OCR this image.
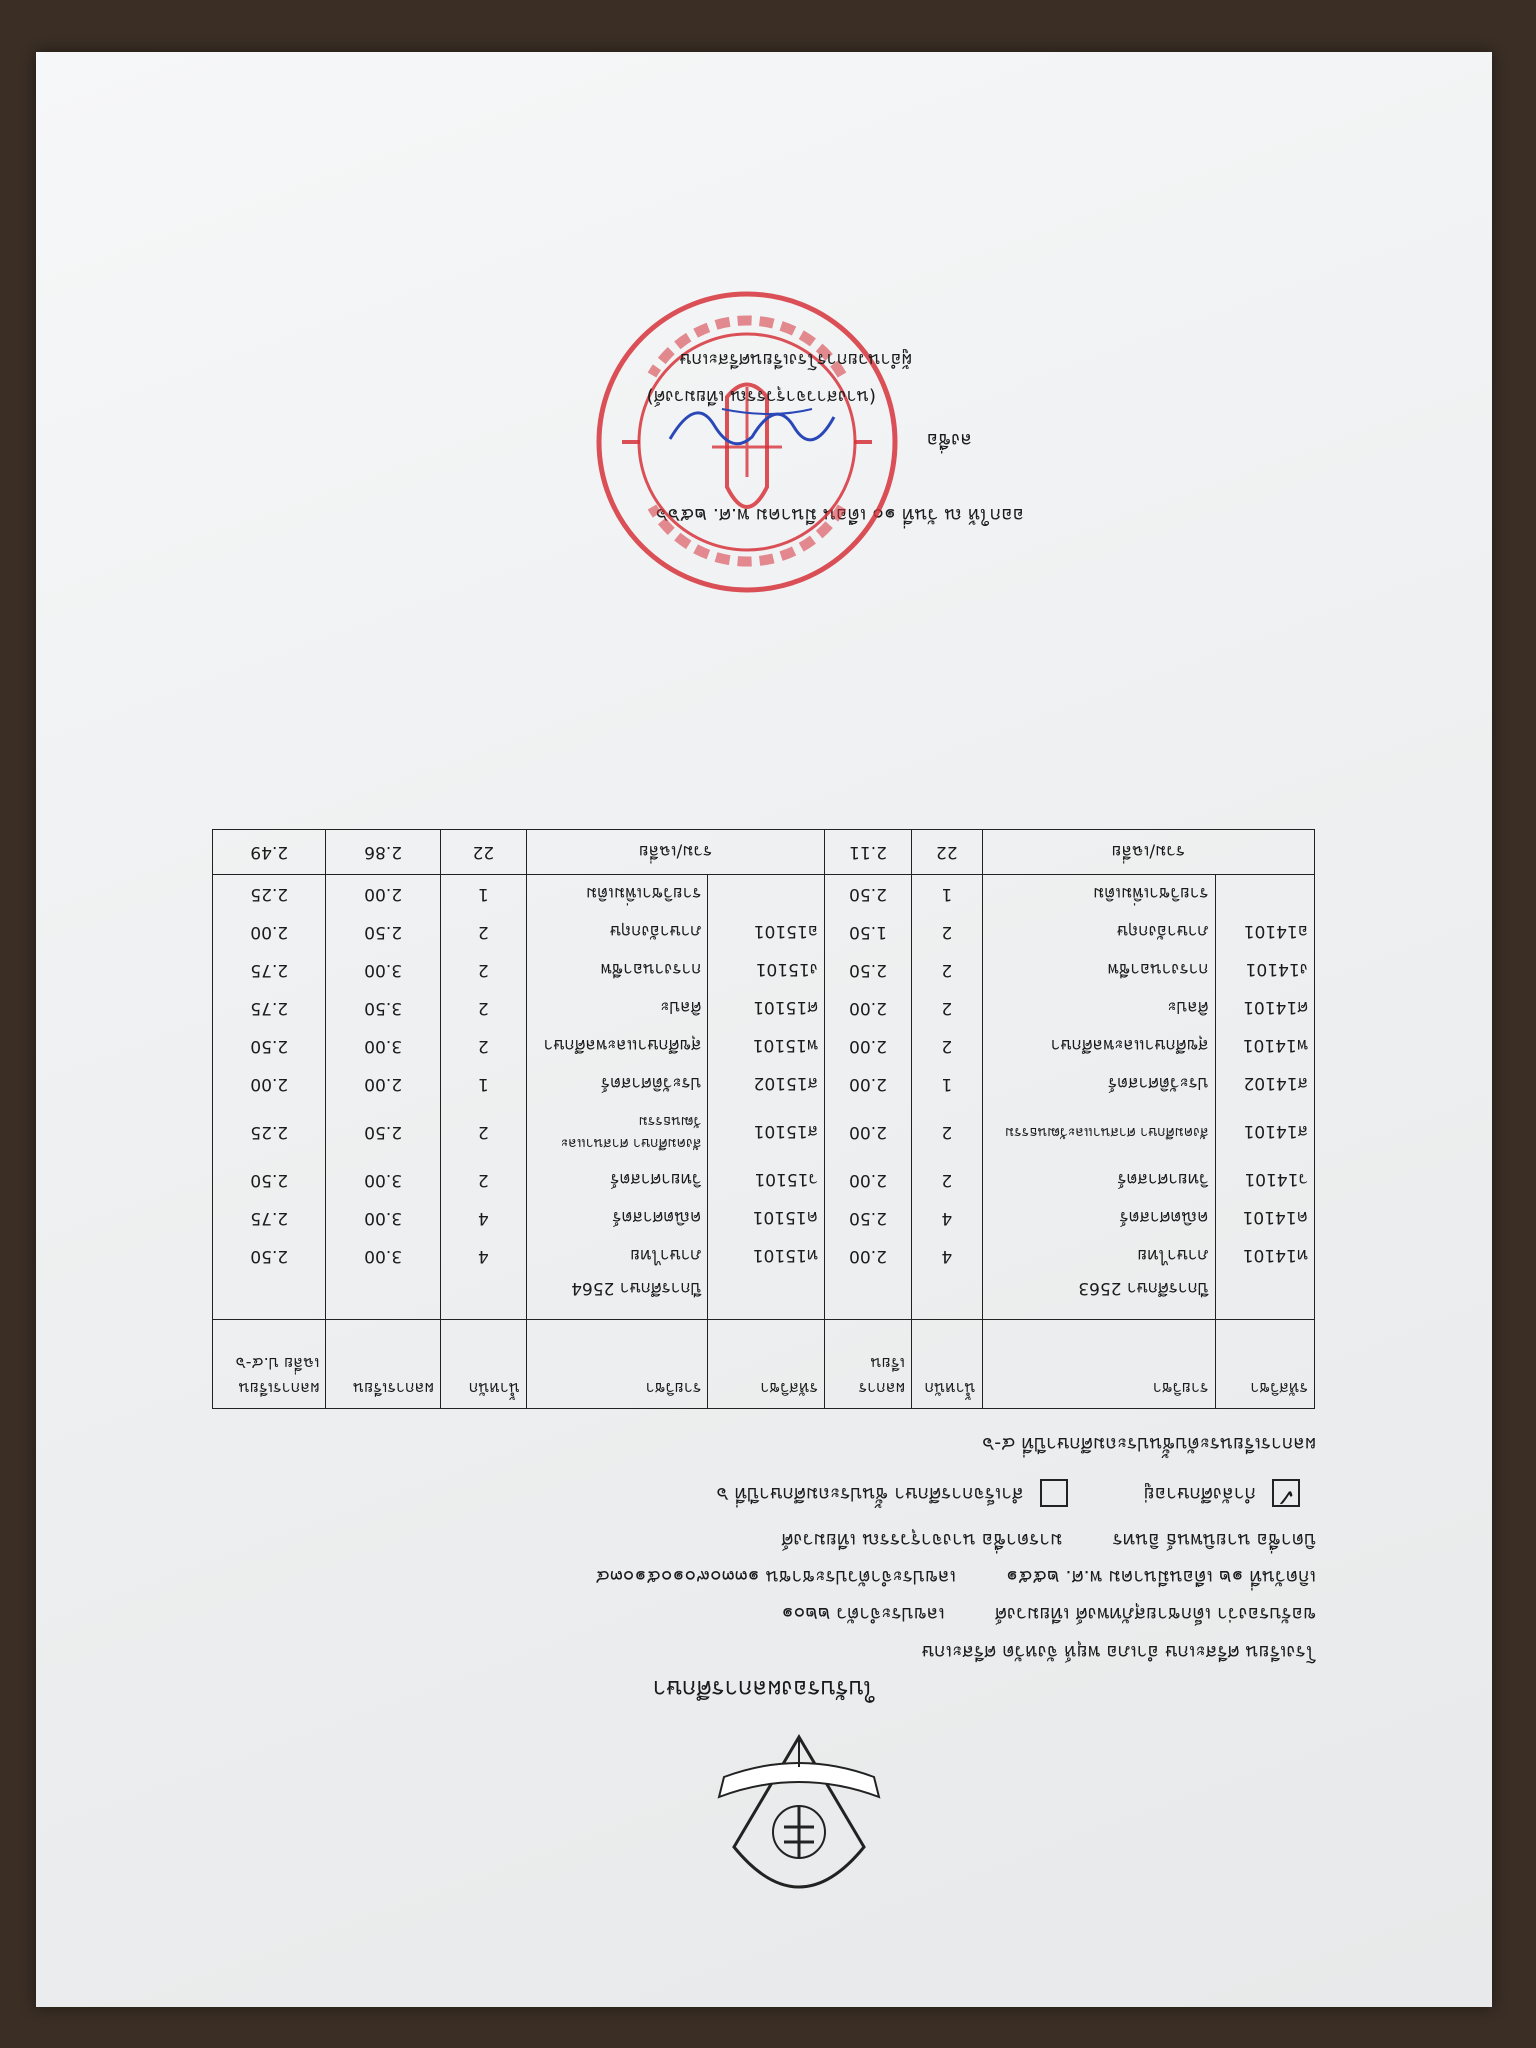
ใบรับรองผลการศึกษา
โรงเรียน ศรีสะเกษ อำเภอ พยุห์ จังหวัด ศรีสะเกษ
ขอรับรองว่า เด็กชายสุภัทพงศ์ เทียมวงศ์ เลขประจำตัว ๒๒๐๑
เกิดวันที่ ๑๒ เดือนมีนาคม พ.ศ. ๒๕๕๑ เลขประจำตัวประชาชน ๑๓๓๐๙๐๑๐๕๑๐๓๔
บิดาชื่อ นายนิพนธ์ อินทร มารดาชื่อ นางจารุวรรณ เทียมวงศ์
✓กำลังศึกษาอยู่ สำเร็จการศึกษา ชั้นประถมศึกษาปีที่ ๖
ผลการเรียนระดับชั้นประถมศึกษาปีที่ ๔-๖
รหัสวิชา	รายวิชา	น้ำหนัก	ผลการเรียน	รหัสวิชา	รายวิชา	น้ำหนัก	ผลการเรียน	ผลการเรียนเฉลี่ย ป.๔-๖
	ปีการศึกษา 2563				ปีการศึกษา 2564			
ท14101	ภาษาไทย	4	2.00	ท15101	ภาษาไทย	4	3.00	2.50
ค14101	คณิตศาสตร์	4	2.50	ค15101	คณิตศาสตร์	4	3.00	2.75
ว14101	วิทยาศาสตร์	2	2.00	ว15101	วิทยาศาสตร์	2	3.00	2.50
ส14101	สังคมศึกษา ศาสนาและวัฒนธรรม	2	2.00	ส15101	สังคมศึกษา ศาสนาและวัฒนธรรม	2	2.50	2.25
ส14102	ประวัติศาสตร์	1	2.00	ส15102	ประวัติศาสตร์	1	2.00	2.00
พ14101	สุขศึกษาและพลศึกษา	2	2.00	พ15101	สุขศึกษาและพลศึกษา	2	3.00	2.50
ศ14101	ศิลปะ	2	2.00	ศ15101	ศิลปะ	2	3.50	2.75
ง14101	การงานอาชีพ	2	2.50	ง15101	การงานอาชีพ	2	3.00	2.75
อ14101	ภาษาอังกฤษ	2	1.50	อ15101	ภาษาอังกฤษ	2	2.50	2.00
	รายวิชาเพิ่มเติม	1	2.50		รายวิชาเพิ่มเติม	1	2.00	2.25
รวม/เฉลี่ย		22	2.11	รวม/เฉลี่ย		22	2.86	2.49
ออกให้ ณ วันที่ ๑๐ เดือน มีนาคม พ.ศ. ๒๕๖๖
ลงชื่อ
(นางสาวจารุวรรณ เทียมวงศ์)
ผู้อำนวยการโรงเรียนศรีสะเกษ
